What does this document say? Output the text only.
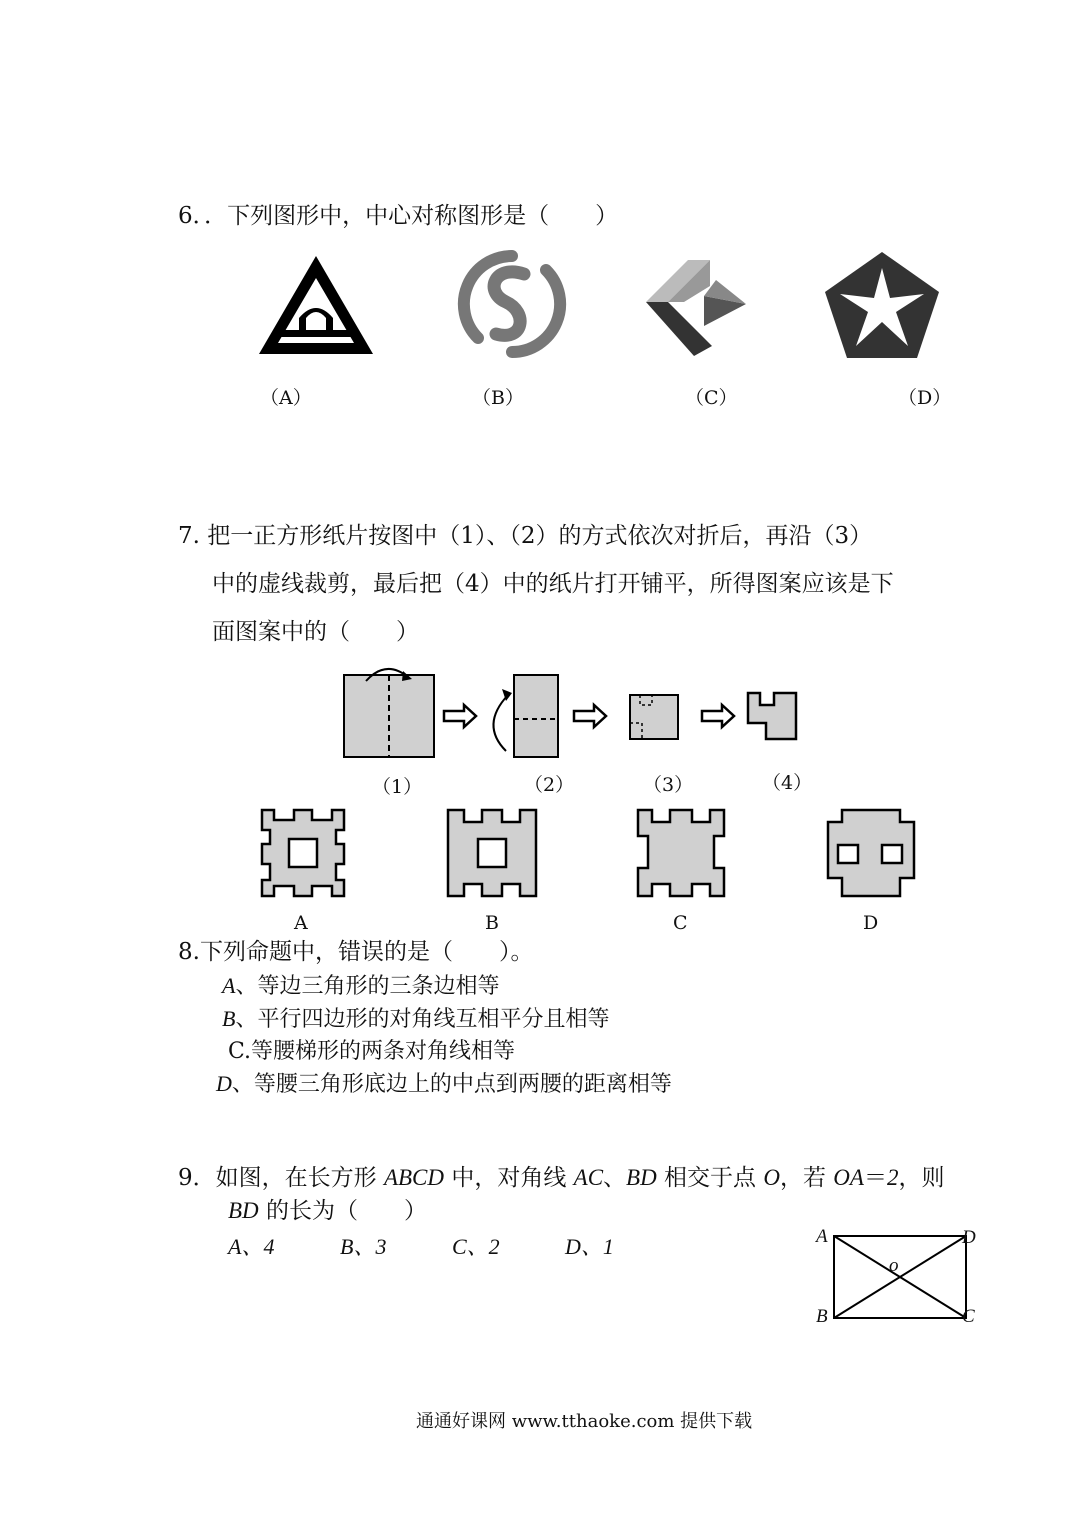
6．．下列图形中，中心对称图形是（　　）
（A）	（B）	（C）	（D）
7. 把一正方形纸片按图中（1）、（2）的方式依次对折后，再沿（3）
中的虚线裁剪，最后把（4）中的纸片打开铺平，所得图案应该是下
面图案中的（　　）
（1）	（2）	（3）	（4）
A	B	C	D
8.下列命题中，错误的是（　　）。
A、等边三角形的三条边相等
B、平行四边形的对角线互相平分且相等
C.等腰梯形的两条对角线相等
D、等腰三角形底边上的中点到两腰的距离相等
9．如图，在长方形 ABCD 中，对角线 AC、BD 相交于点 O，若 OA＝2，则
BD 的长为（　　）
A、4	B、3	C、2	D、1	A	D
o
B	C
通通好课网 www.tthaoke.com 提供下载
